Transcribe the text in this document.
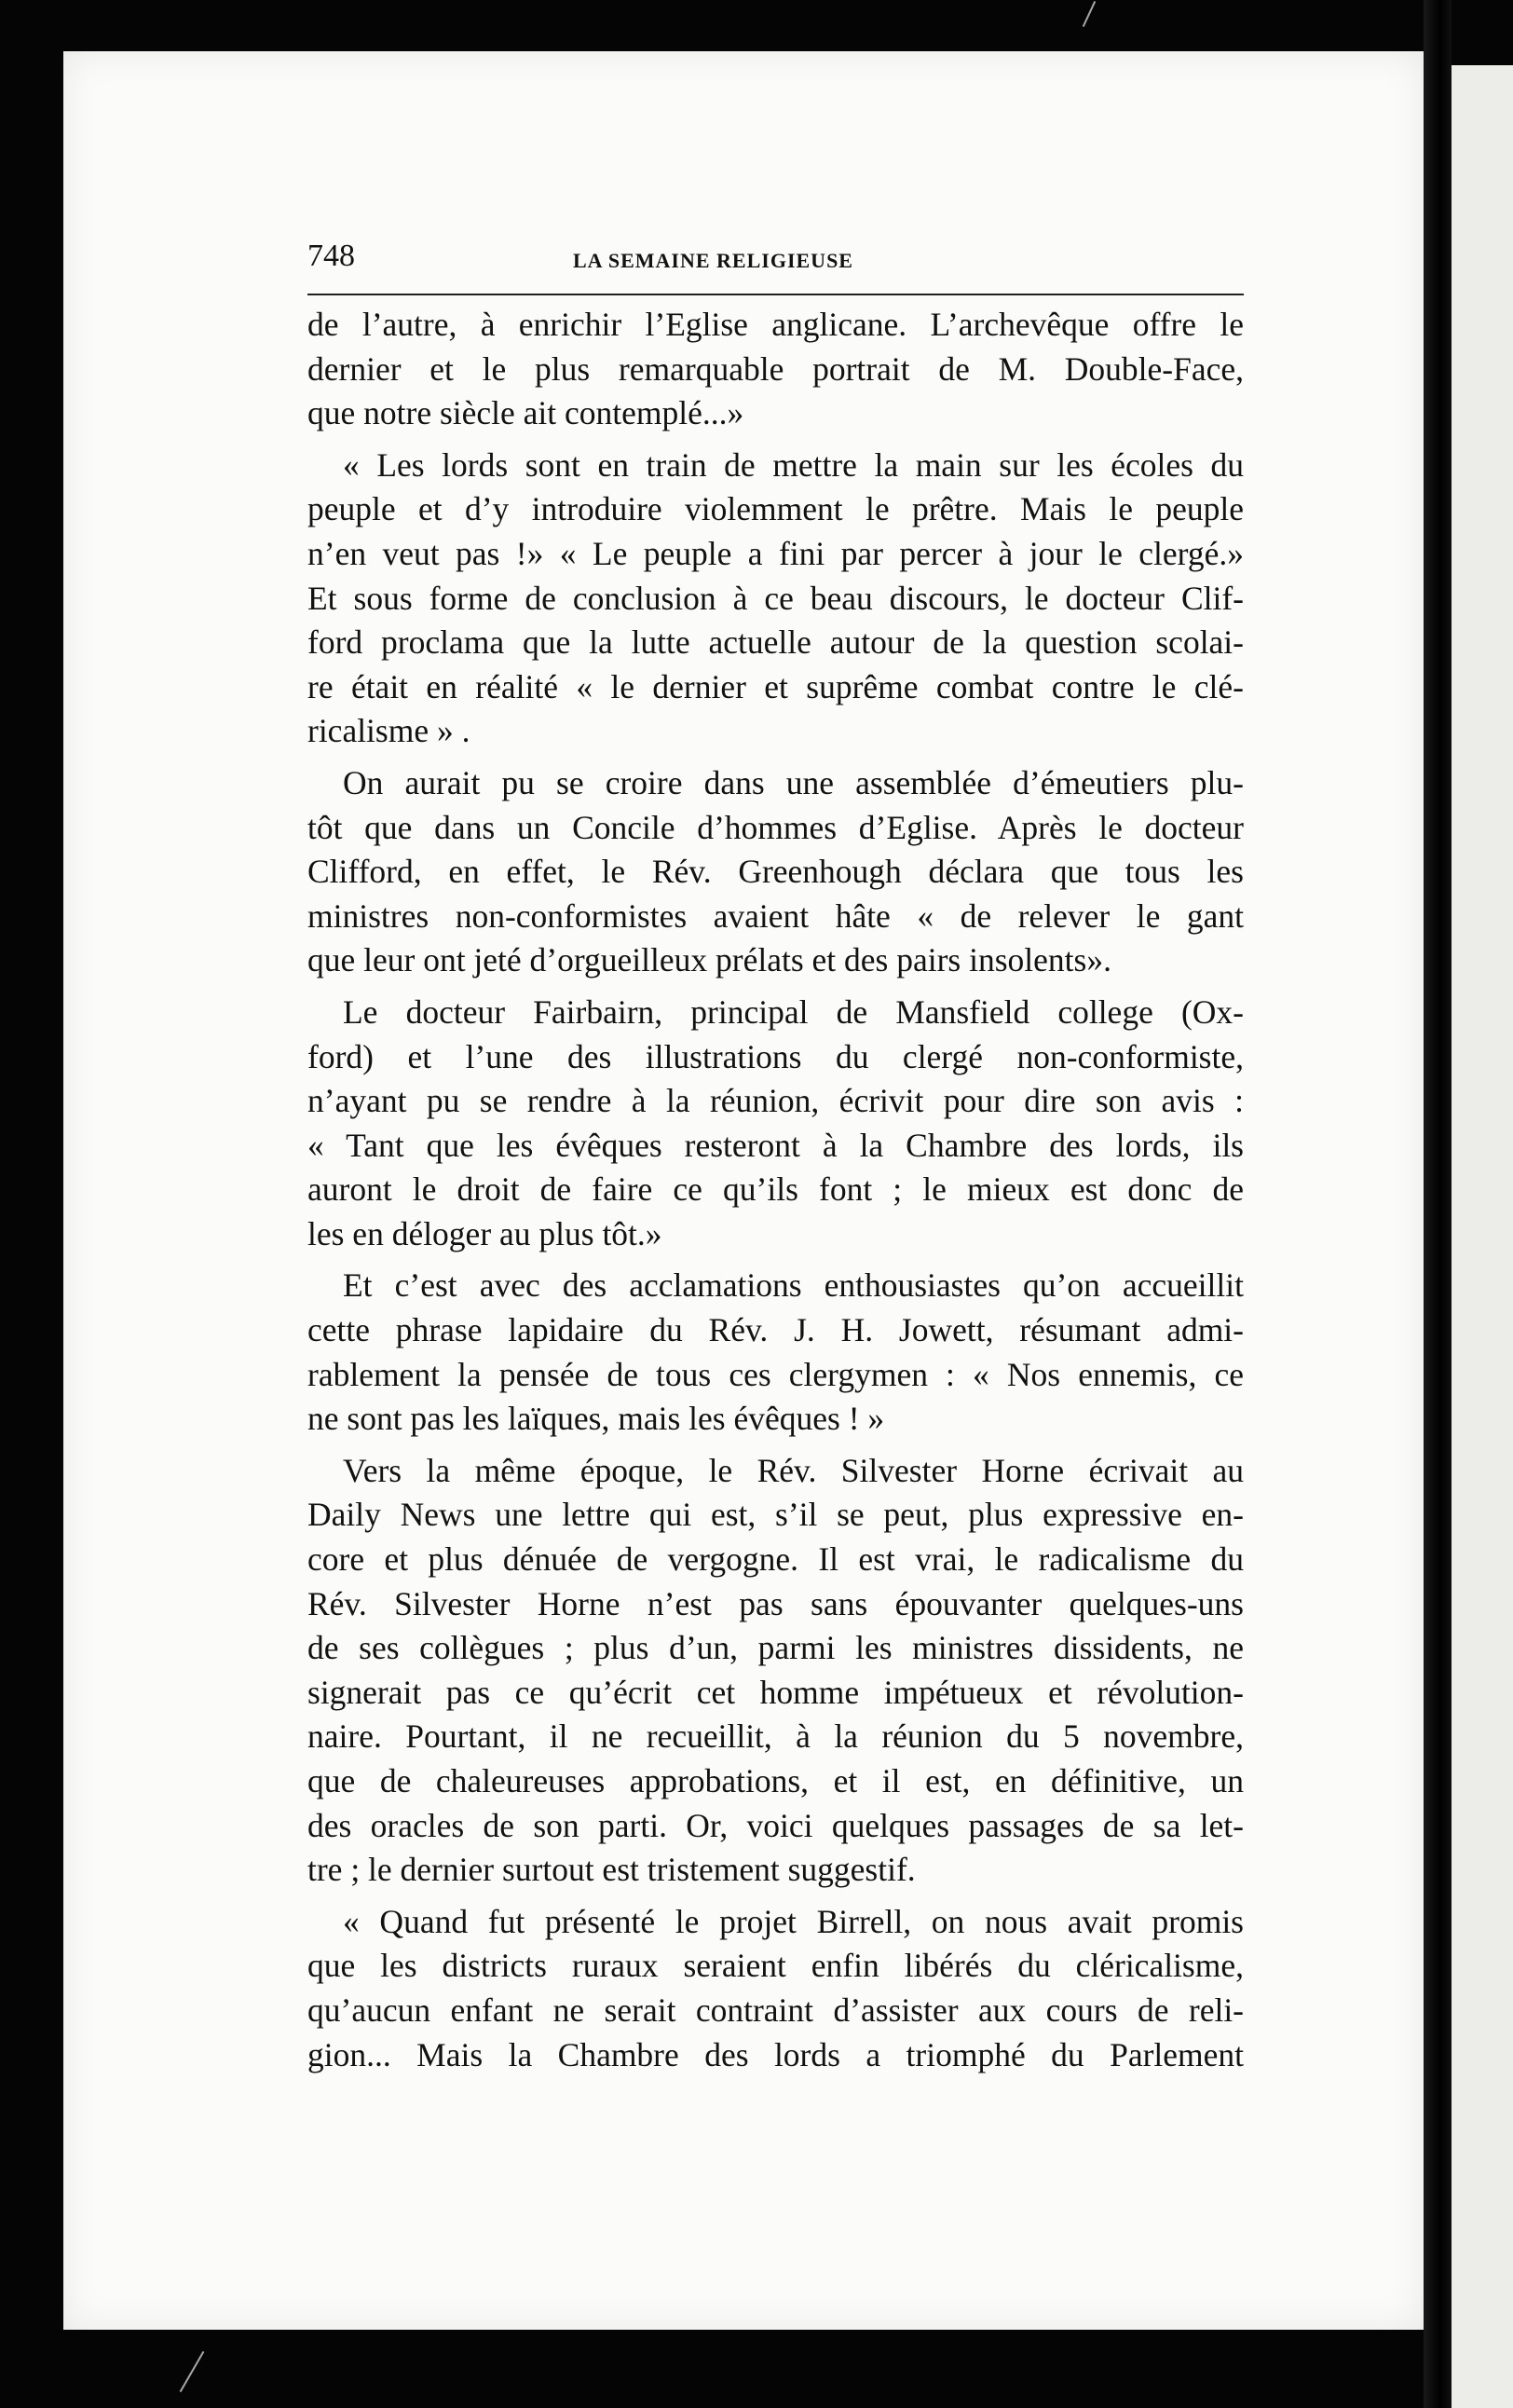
748	LA SEMAINE RELIGIEUSE
de l’autre, à enrichir l’Eglise anglicane. L’archevêque offre le
dernier et le plus remarquable portrait de M. Double-Face,
que notre siècle ait contemplé...»
« Les lords sont en train de mettre la main sur les écoles du
peuple et d’y introduire violemment le prêtre. Mais le peuple
n’en veut pas !» « Le peuple a fini par percer à jour le clergé.»
Et sous forme de conclusion à ce beau discours, le docteur Clif-
ford proclama que la lutte actuelle autour de la question scolai-
re était en réalité « le dernier et suprême combat contre le clé-
ricalisme » .
On aurait pu se croire dans une assemblée d’émeutiers plu-
tôt que dans un Concile d’hommes d’Eglise. Après le docteur
Clifford, en effet, le Rév. Greenhough déclara que tous les
ministres non-conformistes avaient hâte « de relever le gant
que leur ont jeté d’orgueilleux prélats et des pairs insolents».
Le docteur Fairbairn, principal de Mansfield college (Ox-
ford) et l’une des illustrations du clergé non-conformiste,
n’ayant pu se rendre à la réunion, écrivit pour dire son avis :
« Tant que les évêques resteront à la Chambre des lords, ils
auront le droit de faire ce qu’ils font ; le mieux est donc de
les en déloger au plus tôt.»
Et c’est avec des acclamations enthousiastes qu’on accueillit
cette phrase lapidaire du Rév. J. H. Jowett, résumant admi-
rablement la pensée de tous ces clergymen : « Nos ennemis, ce
ne sont pas les laïques, mais les évêques ! »
Vers la même époque, le Rév. Silvester Horne écrivait au
Daily News une lettre qui est, s’il se peut, plus expressive en-
core et plus dénuée de vergogne. Il est vrai, le radicalisme du
Rév. Silvester Horne n’est pas sans épouvanter quelques-uns
de ses collègues ; plus d’un, parmi les ministres dissidents, ne
signerait pas ce qu’écrit cet homme impétueux et révolution-
naire. Pourtant, il ne recueillit, à la réunion du 5 novembre,
que de chaleureuses approbations, et il est, en définitive, un
des oracles de son parti. Or, voici quelques passages de sa let-
tre ; le dernier surtout est tristement suggestif.
« Quand fut présenté le projet Birrell, on nous avait promis
que les districts ruraux seraient enfin libérés du cléricalisme,
qu’aucun enfant ne serait contraint d’assister aux cours de reli-
gion... Mais la Chambre des lords a triomphé du Parlement
